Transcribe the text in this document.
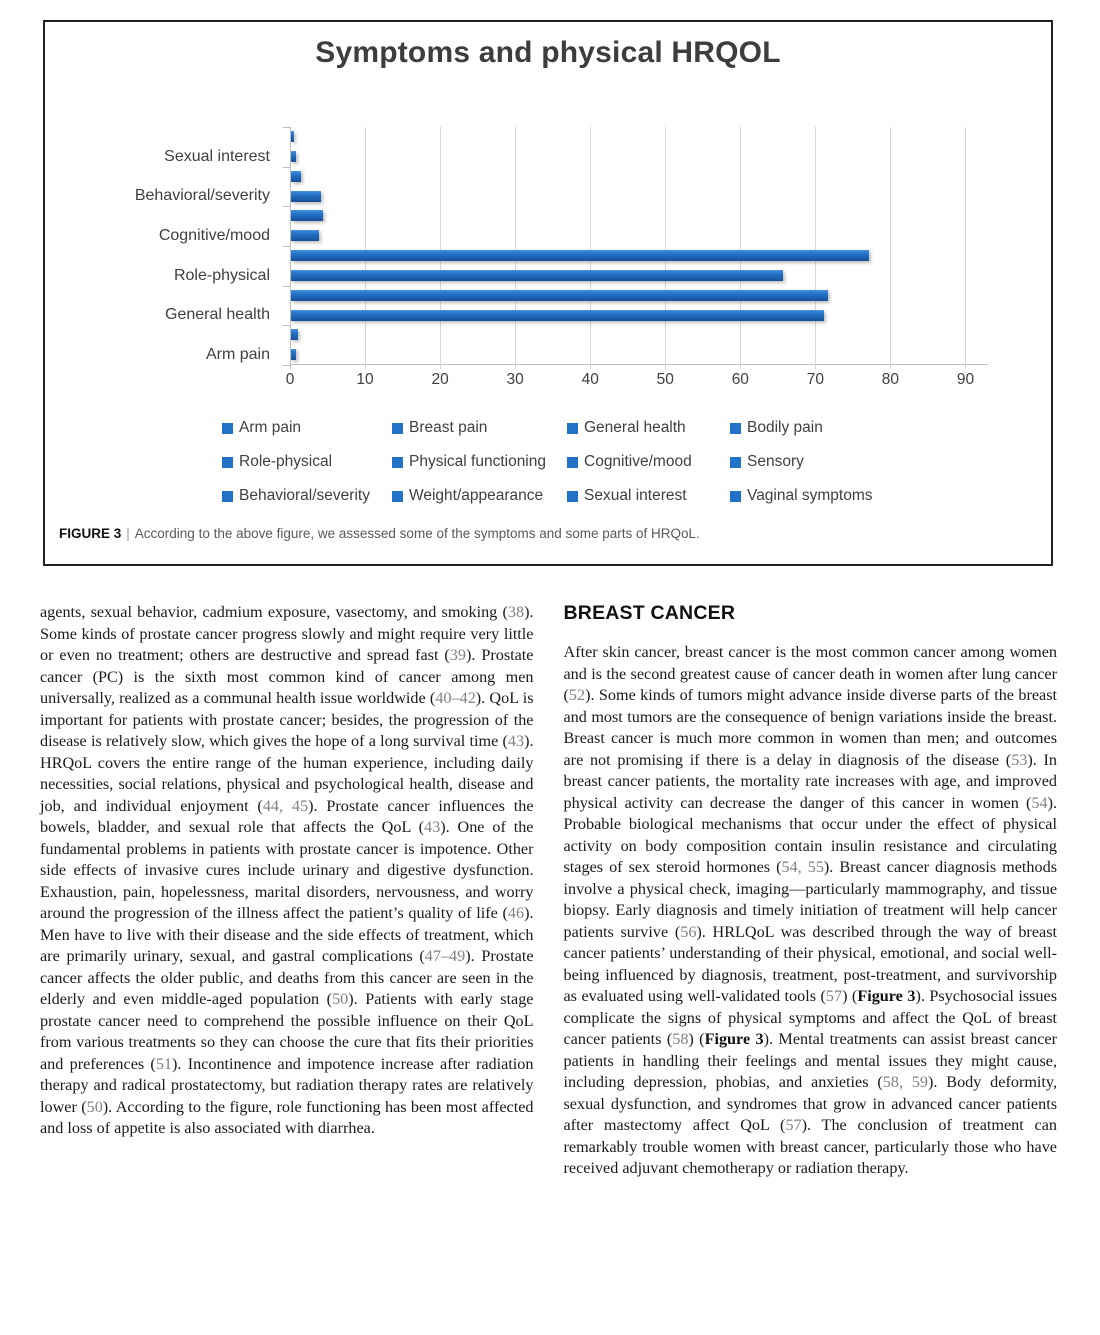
Symptoms and physical HRQOL
Sexual interest
Behavioral/severity
Cognitive/mood
Role-physical
General health
Arm pain
0	10	20	30	40	50	60	70	80	90
Arm pain	Breast pain	General health	Bodily pain
Role-physical	Physical functioning Cognitive/mood	Sensory
Behavioral/severity	Weight/appearance	Sexual interest	Vaginal symptoms
FIGURE 3 | According to the above figure, we assessed some of the symptoms and some parts of HRQoL.

agents, sexual behavior, cadmium exposure, vasectomy, and smoking (38). Some kinds of prostate cancer progress slowly and might require very little or even no treatment; others are destructive and spread fast (39). Prostate cancer (PC) is the sixth most common kind of cancer among men universally, realized as a communal health issue worldwide (40–42). QoL is important for patients with prostate cancer; besides, the progression of the disease is relatively slow, which gives the hope of a long survival time (43). HRQoL covers the entire range of the human experience, including daily necessities, social relations, physical and psychological health, disease and job, and individual enjoyment (44, 45). Prostate cancer influences the bowels, bladder, and sexual role that affects the QoL (43). One of the fundamental problems in patients with prostate cancer is impotence. Other side effects of invasive cures include urinary and digestive dysfunction. Exhaustion, pain, hopelessness, marital disorders, nervousness, and worry around the progression of the illness affect the patient’s quality of life (46). Men have to live with their disease and the side effects of treatment, which are primarily urinary, sexual, and gastral complications (47–49). Prostate cancer affects the older public, and deaths from this cancer are seen in the elderly and even middle-aged population (50). Patients with early stage prostate cancer need to comprehend the possible influence on their QoL from various treatments so they can choose the cure that fits their priorities and preferences (51). Incontinence and impotence increase after radiation therapy and radical prostatectomy, but radiation therapy rates are relatively lower (50). According to the figure, role functioning has been most affected and loss of appetite is also associated with diarrhea.

BREAST CANCER

After skin cancer, breast cancer is the most common cancer among women and is the second greatest cause of cancer death in women after lung cancer (52). Some kinds of tumors might advance inside diverse parts of the breast and most tumors are the consequence of benign variations inside the breast. Breast cancer is much more common in women than men; and outcomes are not promising if there is a delay in diagnosis of the disease (53). In breast cancer patients, the mortality rate increases with age, and improved physical activity can decrease the danger of this cancer in women (54). Probable biological mechanisms that occur under the effect of physical activity on body composition contain insulin resistance and circulating stages of sex steroid hormones (54, 55). Breast cancer diagnosis methods involve a physical check, imaging—particularly mammography, and tissue biopsy. Early diagnosis and timely initiation of treatment will help cancer patients survive (56). HRLQoL was described through the way of breast cancer patients’ understanding of their physical, emotional, and social well-being influenced by diagnosis, treatment, post-treatment, and survivorship as evaluated using well-validated tools (57) (Figure 3). Psychosocial issues complicate the signs of physical symptoms and affect the QoL of breast cancer patients (58) (Figure 3). Mental treatments can assist breast cancer patients in handling their feelings and mental issues they might cause, including depression, phobias, and anxieties (58, 59). Body deformity, sexual dysfunction, and syndromes that grow in advanced cancer patients after mastectomy affect QoL (57). The conclusion of treatment can remarkably trouble women with breast cancer, particularly those who have received adjuvant chemotherapy or radiation therapy.
